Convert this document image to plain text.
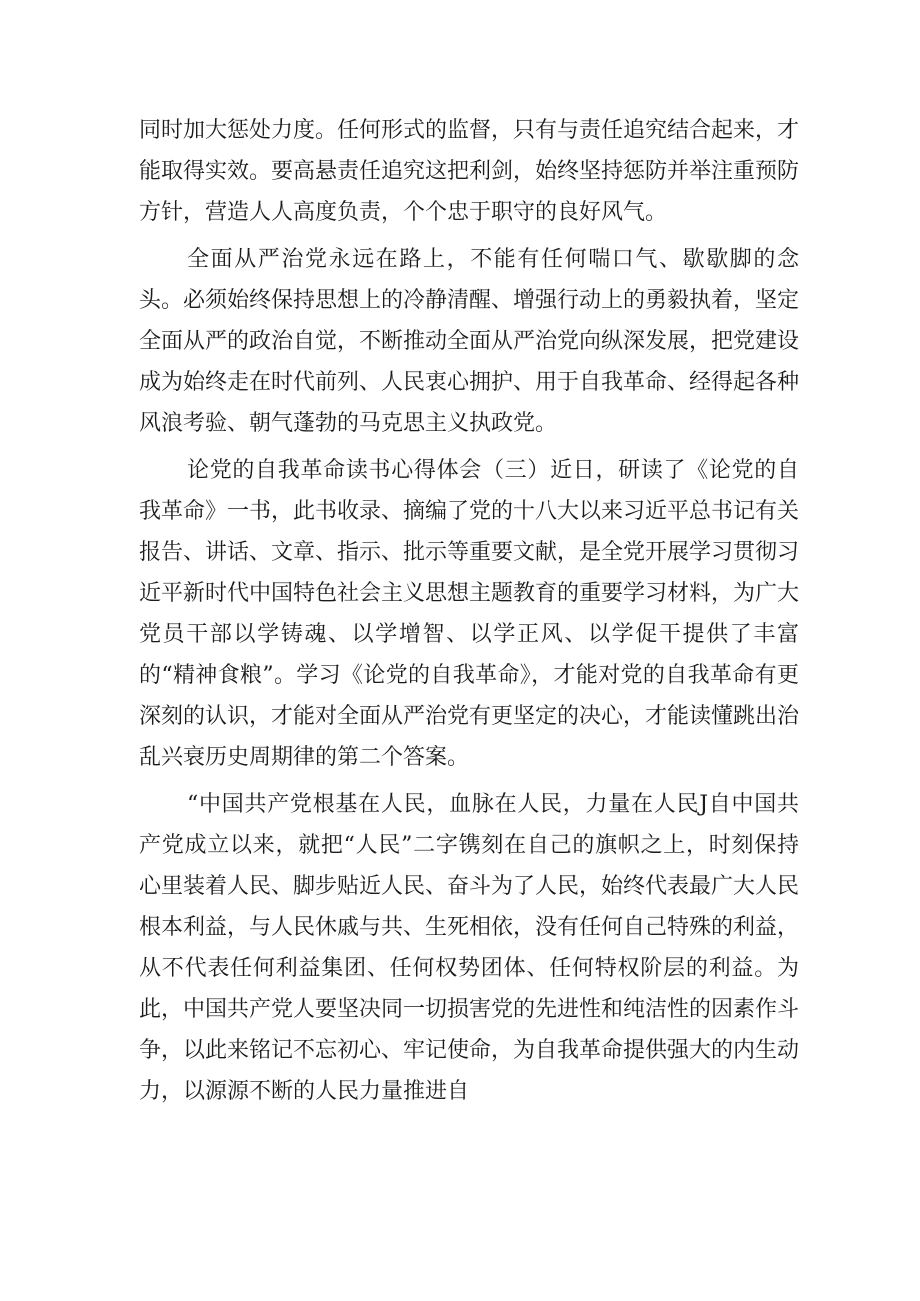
同时加大惩处力度。任何形式的监督，只有与责任追究结合起来，才能取得实效。要高悬责任追究这把利剑，始终坚持惩防并举注重预防方针，营造人人高度负责，个个忠于职守的良好风气。

全面从严治党永远在路上，不能有任何喘口气、歇歇脚的念头。必须始终保持思想上的冷静清醒、增强行动上的勇毅执着，坚定全面从严的政治自觉，不断推动全面从严治党向纵深发展，把党建设成为始终走在时代前列、人民衷心拥护、用于自我革命、经得起各种风浪考验、朝气蓬勃的马克思主义执政党。

论党的自我革命读书心得体会（三）近日，研读了《论党的自我革命》一书，此书收录、摘编了党的十八大以来习近平总书记有关报告、讲话、文章、指示、批示等重要文献，是全党开展学习贯彻习近平新时代中国特色社会主义思想主题教育的重要学习材料，为广大党员干部以学铸魂、以学增智、以学正风、以学促干提供了丰富的“精神食粮”。学习《论党的自我革命》，才能对党的自我革命有更深刻的认识，才能对全面从严治党有更坚定的决心，才能读懂跳出治乱兴衰历史周期律的第二个答案。

“中国共产党根基在人民，血脉在人民，力量在人民J自中国共产党成立以来，就把“人民”二字镌刻在自己的旗帜之上，时刻保持心里装着人民、脚步贴近人民、奋斗为了人民，始终代表最广大人民根本利益，与人民休戚与共、生死相依，没有任何自己特殊的利益，从不代表任何利益集团、任何权势团体、任何特权阶层的利益。为此，中国共产党人要坚决同一切损害党的先进性和纯洁性的因素作斗争，以此来铭记不忘初心、牢记使命，为自我革命提供强大的内生动力，以源源不断的人民力量推进自
